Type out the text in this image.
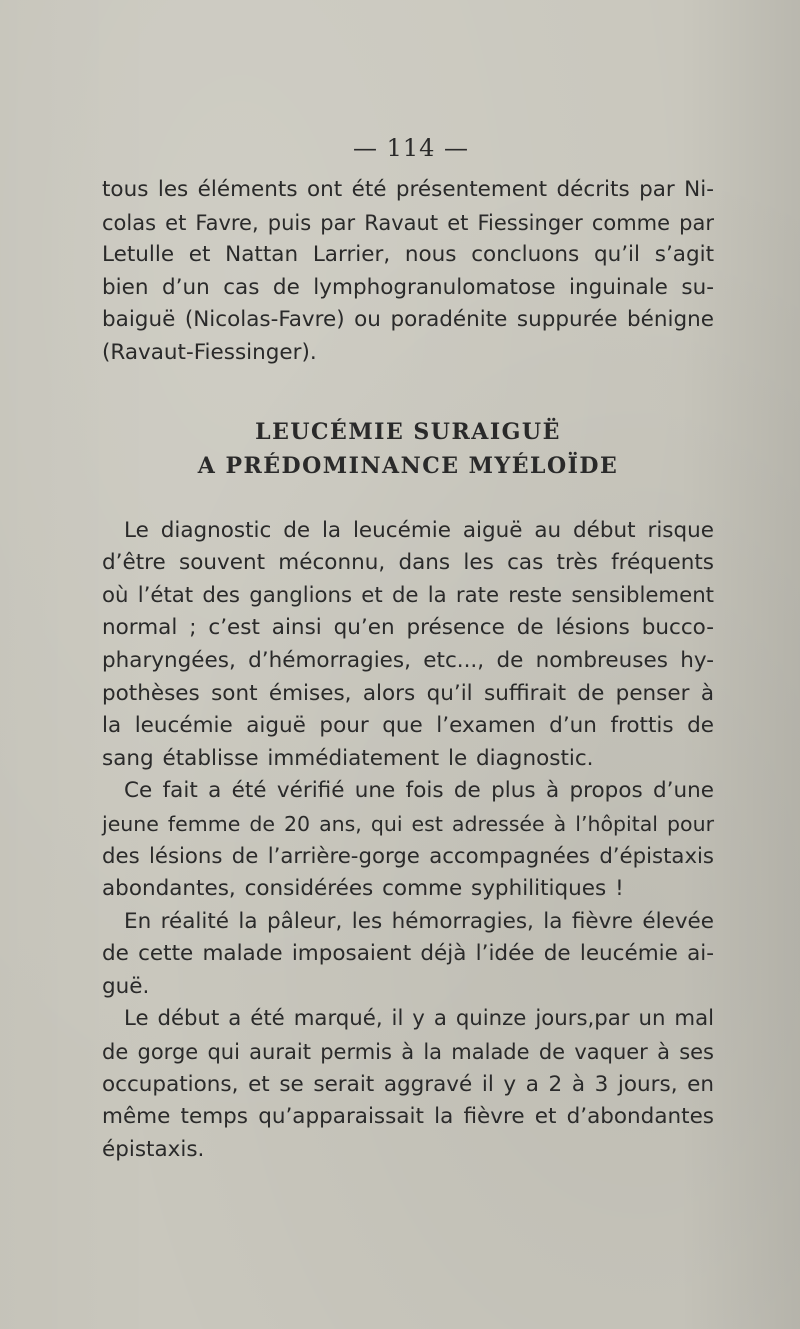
— 114 —

tous les éléments ont été présentement décrits par Ni-
colas et Favre, puis par Ravaut et Fiessinger comme par
Letulle et Nattan Larrier, nous concluons qu’il s’agit
bien d’un cas de lymphogranulomatose inguinale su-
baiguë (Nicolas-Favre) ou poradénite suppurée bénigne
(Ravaut-Fiessinger).

LEUCÉMIE SURAIGUË

A PRÉDOMINANCE MYÉLOÏDE

Le diagnostic de la leucémie aiguë au début risque
d’être souvent méconnu, dans les cas très fréquents
où l’état des ganglions et de la rate reste sensiblement
normal ; c’est ainsi qu’en présence de lésions bucco-
pharyngées, d’hémorragies, etc..., de nombreuses hy-
pothèses sont émises, alors qu’il suffirait de penser à
la leucémie aiguë pour que l’examen d’un frottis de
sang établisse immédiatement le diagnostic.

Ce fait a été vérifié une fois de plus à propos d’une
jeune femme de 20 ans, qui est adressée à l’hôpital pour
des lésions de l’arrière-gorge accompagnées d’épistaxis
abondantes, considérées comme syphilitiques !

En réalité la pâleur, les hémorragies, la fièvre élevée
de cette malade imposaient déjà l’idée de leucémie ai-
guë.

Le début a été marqué, il y a quinze jours,par un mal
de gorge qui aurait permis à la malade de vaquer à ses
occupations, et se serait aggravé il y a 2 à 3 jours, en
même temps qu’apparaissait la fièvre et d’abondantes
épistaxis.
